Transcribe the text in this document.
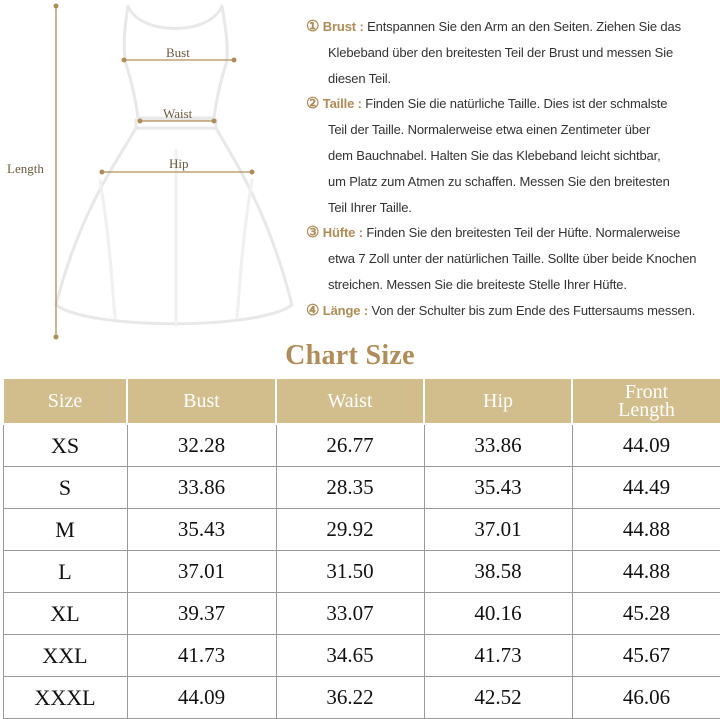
Length
Bust
Waist
Hip

① Brust : Entspannen Sie den Arm an den Seiten. Ziehen Sie das
Klebeband über den breitesten Teil der Brust und messen Sie
diesen Teil.

② Taille : Finden Sie die natürliche Taille. Dies ist der schmalste
Teil der Taille. Normalerweise etwa einen Zentimeter über
dem Bauchnabel. Halten Sie das Klebeband leicht sichtbar,
um Platz zum Atmen zu schaffen. Messen Sie den breitesten
Teil Ihrer Taille.

③ Hüfte : Finden Sie den breitesten Teil der Hüfte. Normalerweise
etwa 7 Zoll unter der natürlichen Taille. Sollte über beide Knochen
streichen. Messen Sie die breiteste Stelle Ihrer Hüfte.

④ Länge : Von der Schulter bis zum Ende des Futtersaums messen.

Chart Size
Size	Bust	Waist	Hip	Front
Length
XS	32.28	26.77	33.86	44.09
S	33.86	28.35	35.43	44.49
M	35.43	29.92	37.01	44.88
L	37.01	31.50	38.58	44.88
XL	39.37	33.07	40.16	45.28
XXL	41.73	34.65	41.73	45.67
XXXL	44.09	36.22	42.52	46.06
